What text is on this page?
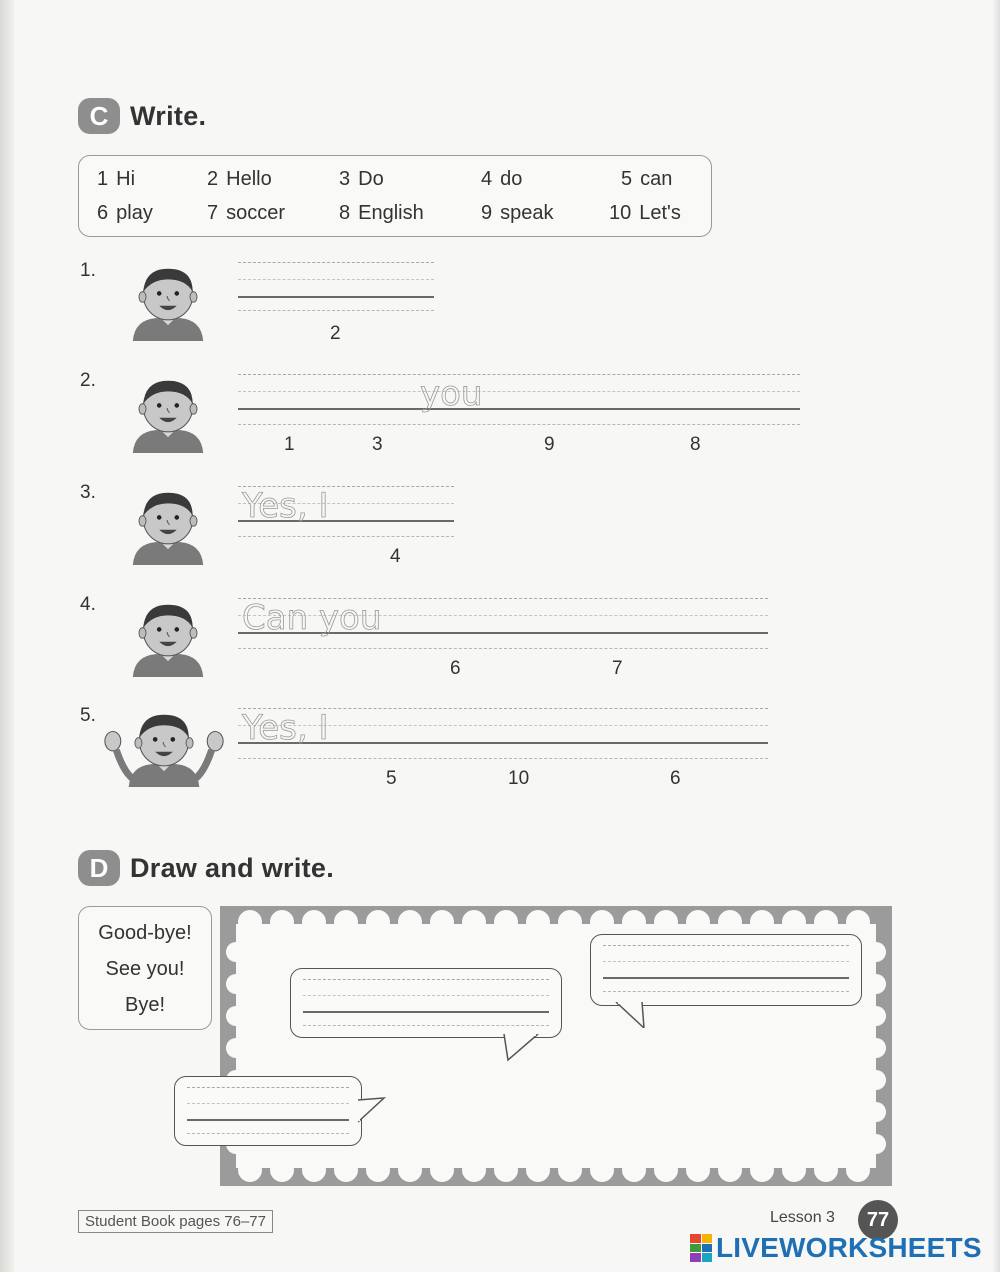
C Write.
1 Hi	2 Hello	3 Do	4 do	5 can
6 play	7 soccer	8 English	9 speak	10 Let's
1.
2
2.	you
1	3	9	8
3.	Yes, I
4
4.	Can you
6	7
5.	Yes, I
5	10	6
D Draw and write.
Good-bye!
See you!
Bye!
Student Book pages 76–77	Lesson 3	77
LIVEWORKSHEETS
